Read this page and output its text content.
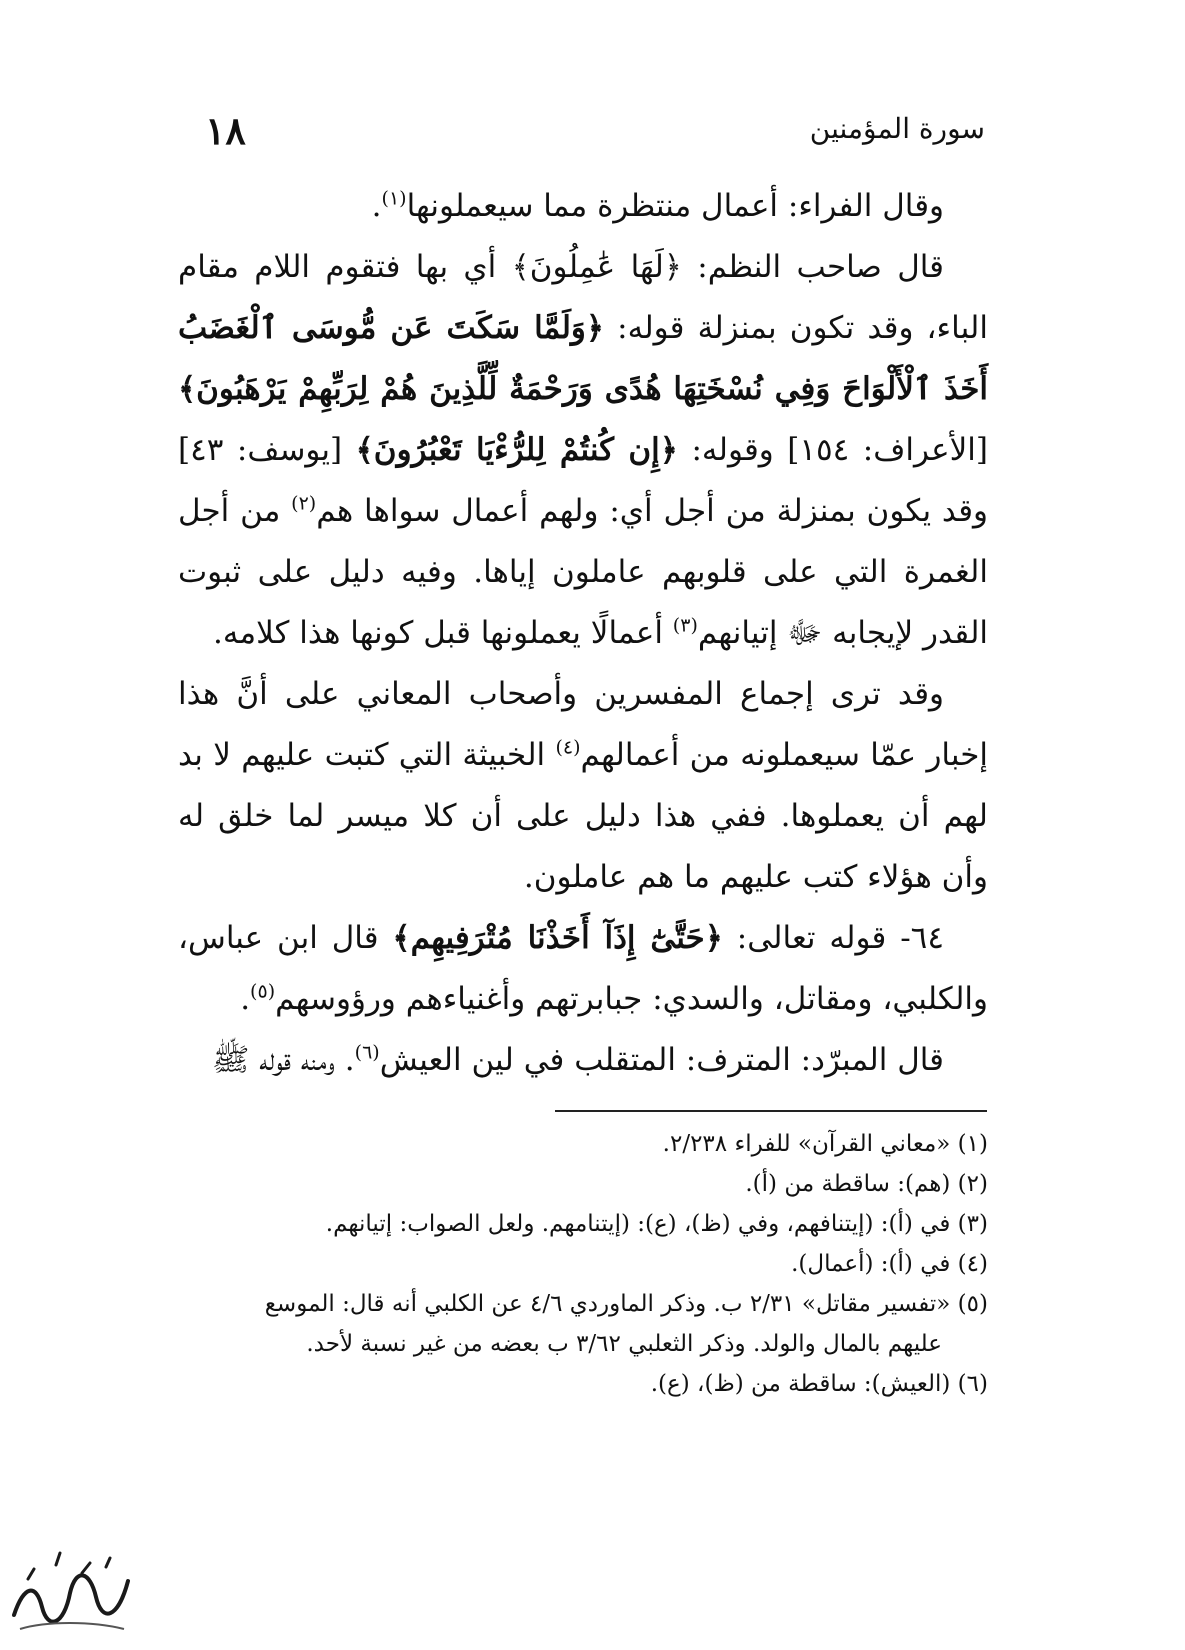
١٨	سورة المؤمنين

وقال الفراء: أعمال منتظرة مما سيعملونها$^{(١)}$.

قال صاحب النظم: ﴿لَهَا عَٰمِلُونَ﴾ أي بها فتقوم اللام مقام الباء، وقد تكون بمنزلة قوله: ﴿وَلَمَّا سَكَتَ عَن مُّوسَى ٱلْغَضَبُ أَخَذَ ٱلْأَلْوَاحَ وَفِي نُسْخَتِهَا هُدًى وَرَحْمَةٌ لِّلَّذِينَ هُمْ لِرَبِّهِمْ يَرْهَبُونَ﴾ [الأعراف: ١٥٤] وقوله: ﴿إِن كُنتُمْ لِلرُّءْيَا تَعْبُرُونَ﴾ [يوسف: ٤٣] وقد يكون بمنزلة من أجل أي: ولهم أعمال سواها هم$^{(٢)}$ من أجل الغمرة التي على قلوبهم عاملون إياها. وفيه دليل على ثبوت القدر لإيجابه ﷻ إتيانهم$^{(٣)}$ أعمالًا يعملونها قبل كونها هذا كلامه.

وقد ترى إجماع المفسرين وأصحاب المعاني على أنَّ هذا إخبار عمّا سيعملونه من أعمالهم$^{(٤)}$ الخبيثة التي كتبت عليهم لا بد لهم أن يعملوها. ففي هذا دليل على أن كلا ميسر لما خلق له وأن هؤلاء كتب عليهم ما هم عاملون.

٦٤- قوله تعالى: ﴿حَتَّىٰٓ إِذَآ أَخَذْنَا مُتْرَفِيهِم﴾ قال ابن عباس، والكلبي، ومقاتل، والسدي: جبابرتهم وأغنياءهم ورؤوسهم$^{(٥)}$.

قال المبرّد: المترف: المتقلب في لين العيش$^{(٦)}$. ومنه قوله ﷺ

(١) «معاني القرآن» للفراء ٢/٢٣٨.

(٢) (هم): ساقطة من (أ).

(٣) في (أ): (إيتنافهم، وفي (ظ)، (ع): (إيتنامهم. ولعل الصواب: إتيانهم.

(٤) في (أ): (أعمال).

(٥) «تفسير مقاتل» ٢/٣١ ب. وذكر الماوردي ٤/٦ عن الكلبي أنه قال: الموسع

عليهم بالمال والولد. وذكر الثعلبي ٣/٦٢ ب بعضه من غير نسبة لأحد.

(٦) (العيش): ساقطة من (ظ)، (ع).
